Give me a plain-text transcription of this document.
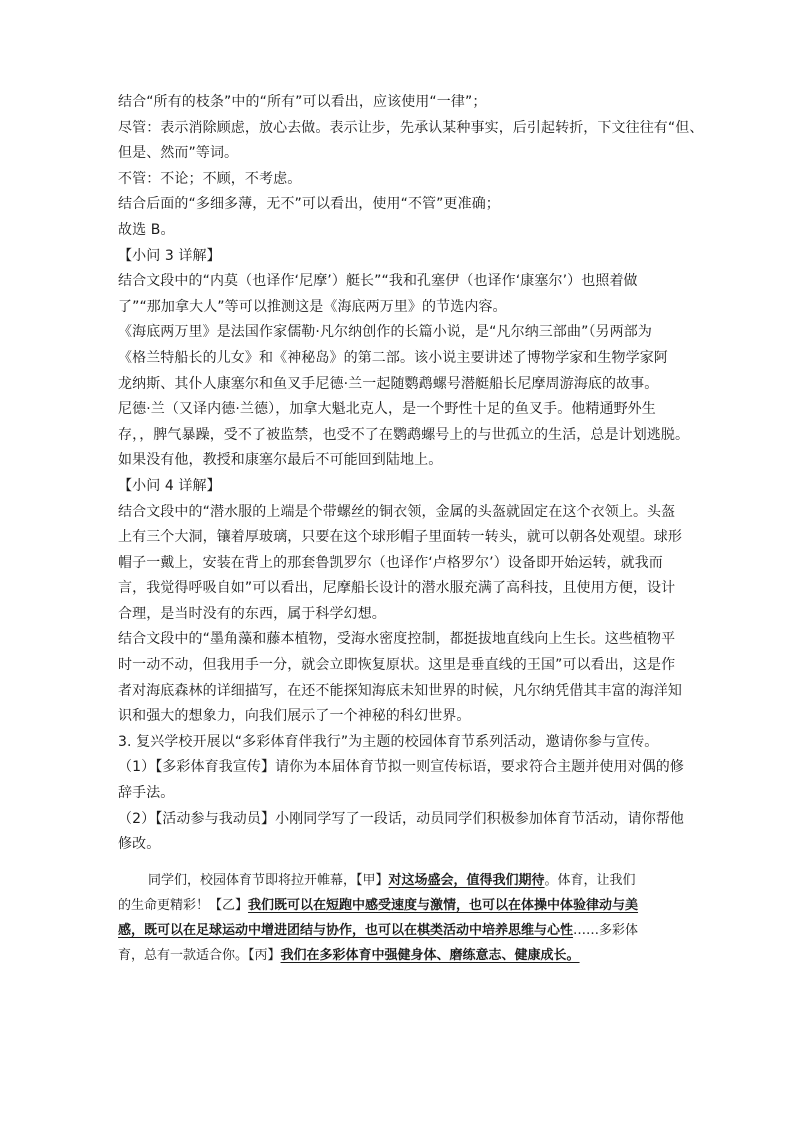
结合“所有的枝条”中的“所有”可以看出，应该使用“一律”；
尽管：表示消除顾虑，放心去做。表示让步，先承认某种事实，后引起转折，下文往往有“但、
但是、然而”等词。
不管：不论；不顾，不考虑。
结合后面的“多细多薄，无不”可以看出，使用“不管”更准确；
故选 B。
【小问 3 详解】
结合文段中的“内莫（也译作‘尼摩’）艇长”“我和孔塞伊（也译作‘康塞尔’）也照着做
了”“那加拿大人”等可以推测这是《海底两万里》的节选内容。
《海底两万里》是法国作家儒勒·凡尔纳创作的长篇小说，是“凡尔纳三部曲”（另两部为
《格兰特船长的儿女》和《神秘岛》的第二部。该小说主要讲述了博物学家和生物学家阿
龙纳斯、其仆人康塞尔和鱼叉手尼德·兰一起随鹦鹉螺号潜艇船长尼摩周游海底的故事。
尼德·兰（又译内德·兰德），加拿大魁北克人，是一个野性十足的鱼叉手。他精通野外生
存，，脾气暴躁，受不了被监禁，也受不了在鹦鹉螺号上的与世孤立的生活，总是计划逃脱。
如果没有他，教授和康塞尔最后不可能回到陆地上。
【小问 4 详解】
结合文段中的“潜水服的上端是个带螺丝的铜衣领，金属的头盔就固定在这个衣领上。头盔
上有三个大洞，镶着厚玻璃，只要在这个球形帽子里面转一转头，就可以朝各处观望。球形
帽子一戴上，安装在背上的那套鲁凯罗尔（也译作‘卢格罗尔’）设备即开始运转，就我而
言，我觉得呼吸自如”可以看出，尼摩船长设计的潜水服充满了高科技，且使用方便，设计
合理，是当时没有的东西，属于科学幻想。
结合文段中的“墨角藻和藤本植物，受海水密度控制，都挺拔地直线向上生长。这些植物平
时一动不动，但我用手一分，就会立即恢复原状。这里是垂直线的王国”可以看出，这是作
者对海底森林的详细描写，在还不能探知海底未知世界的时候，凡尔纳凭借其丰富的海洋知
识和强大的想象力，向我们展示了一个神秘的科幻世界。
3. 复兴学校开展以“多彩体育伴我行”为主题的校园体育节系列活动，邀请你参与宣传。
（1）【多彩体育我宣传】请你为本届体育节拟一则宣传标语，要求符合主题并使用对偶的修
辞手法。
（2）【活动参与我动员】小刚同学写了一段话，动员同学们积极参加体育节活动，请你帮他
修改。
同学们，校园体育节即将拉开帷幕，【甲】对这场盛会，值得我们期待。体育，让我们
的生命更精彩！【乙】我们既可以在短跑中感受速度与激情，也可以在体操中体验律动与美
感，既可以在足球运动中增进团结与协作，也可以在棋类活动中培养思维与心性……多彩体
育，总有一款适合你。【丙】我们在多彩体育中强健身体、磨练意志、健康成长。
